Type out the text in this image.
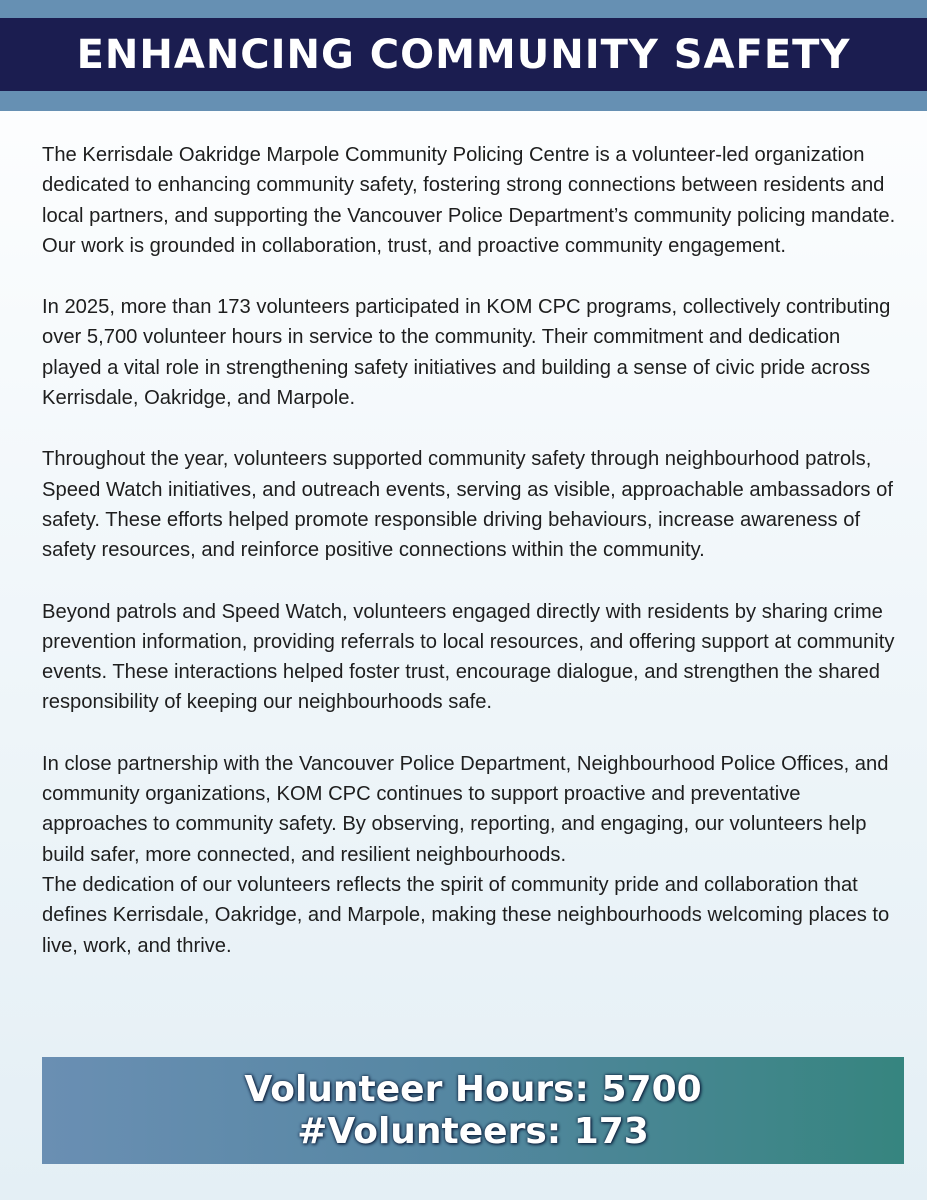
ENHANCING COMMUNITY SAFETY

The Kerrisdale Oakridge Marpole Community Policing Centre is a volunteer-led organization dedicated to enhancing community safety, fostering strong connections between residents and local partners, and supporting the Vancouver Police Department’s community policing mandate. Our work is grounded in collaboration, trust, and proactive community engagement.

In 2025, more than 173 volunteers participated in KOM CPC programs, collectively contributing over 5,700 volunteer hours in service to the community. Their commitment and dedication played a vital role in strengthening safety initiatives and building a sense of civic pride across Kerrisdale, Oakridge, and Marpole.

Throughout the year, volunteers supported community safety through neighbourhood patrols, Speed Watch initiatives, and outreach events, serving as visible, approachable ambassadors of safety. These efforts helped promote responsible driving behaviours, increase awareness of safety resources, and reinforce positive connections within the community.

Beyond patrols and Speed Watch, volunteers engaged directly with residents by sharing crime prevention information, providing referrals to local resources, and offering support at community events. These interactions helped foster trust, encourage dialogue, and strengthen the shared responsibility of keeping our neighbourhoods safe.

In close partnership with the Vancouver Police Department, Neighbourhood Police Offices, and community organizations, KOM CPC continues to support proactive and preventative approaches to community safety. By observing, reporting, and engaging, our volunteers help build safer, more connected, and resilient neighbourhoods.

The dedication of our volunteers reflects the spirit of community pride and collaboration that defines Kerrisdale, Oakridge, and Marpole, making these neighbourhoods welcoming places to live, work, and thrive.

Volunteer Hours: 5700
#Volunteers: 173
